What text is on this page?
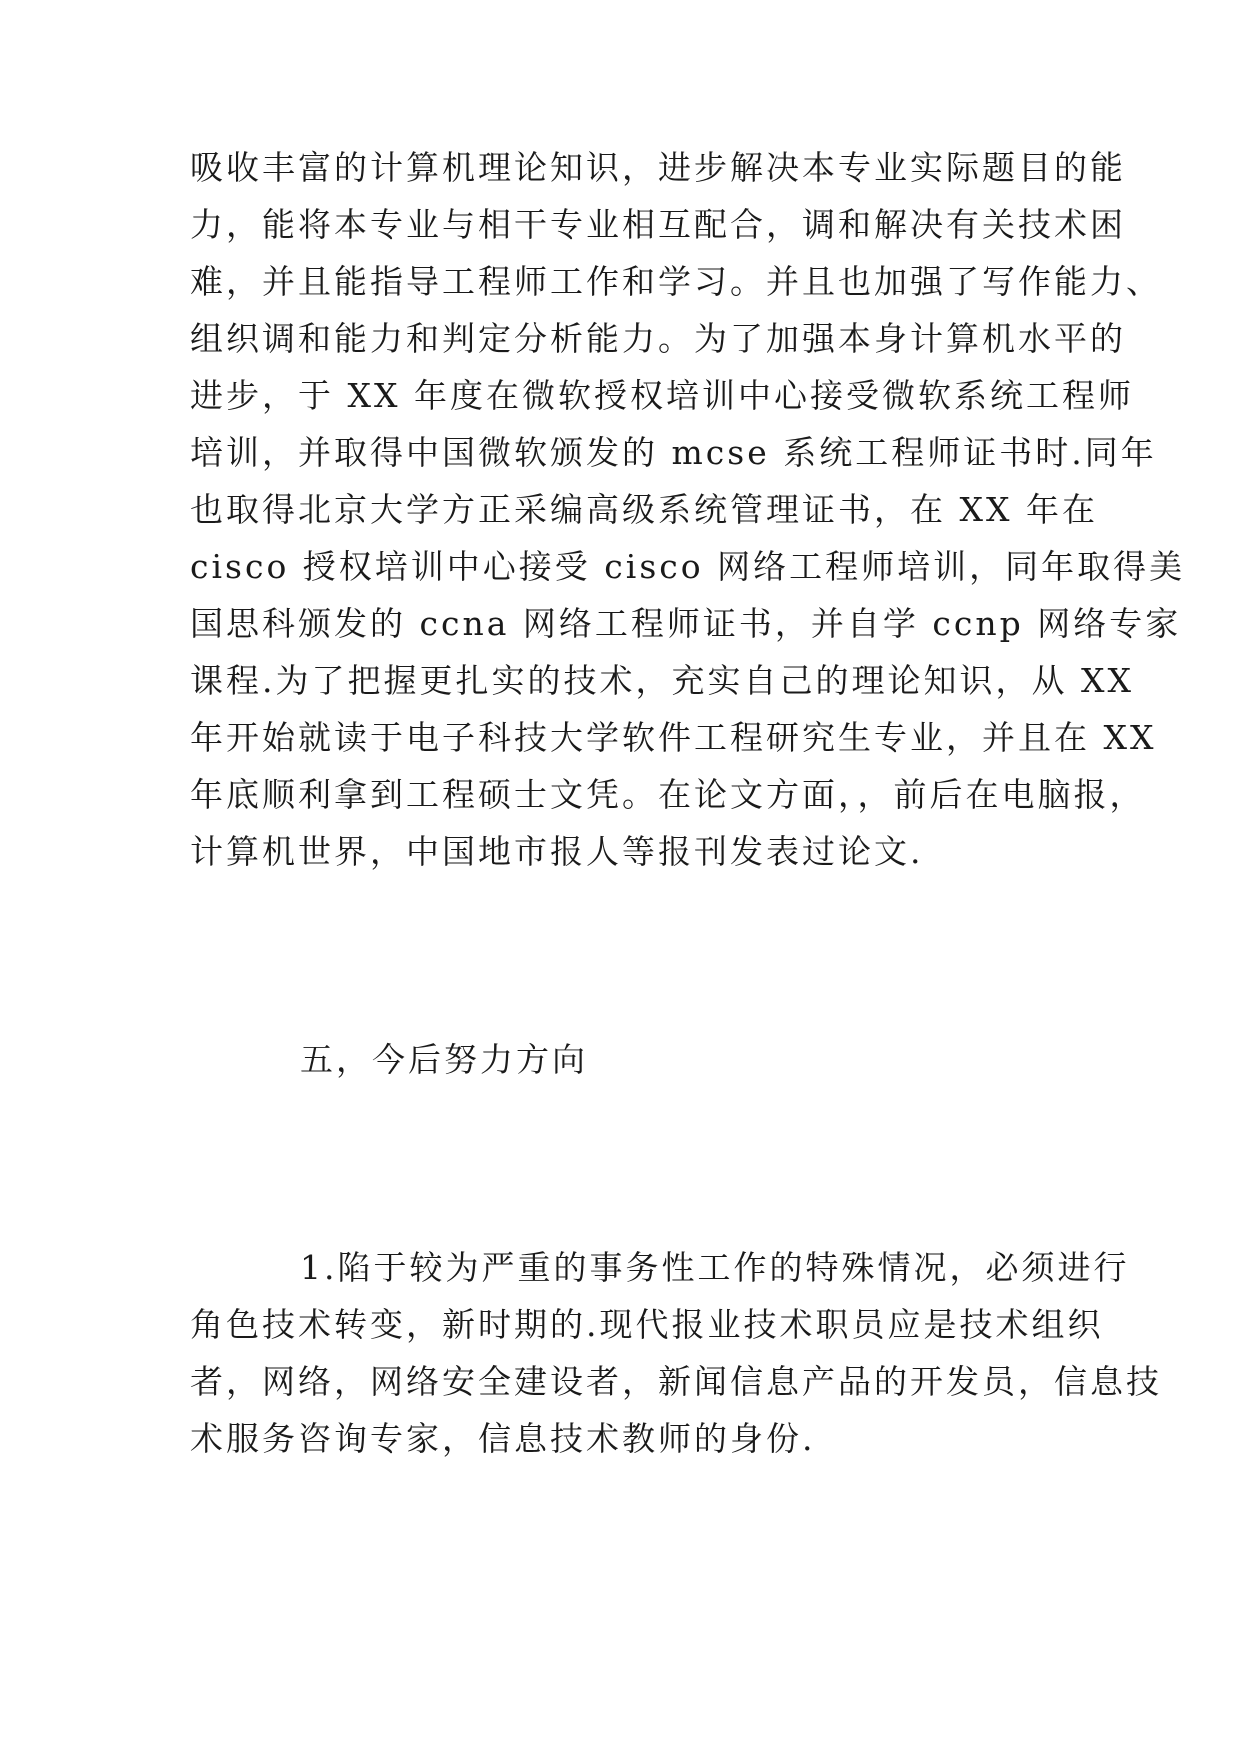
吸收丰富的计算机理论知识，进步解决本专业实际题目的能
力，能将本专业与相干专业相互配合，调和解决有关技术困
难，并且能指导工程师工作和学习。并且也加强了写作能力、
组织调和能力和判定分析能力。为了加强本身计算机水平的
进步，于 XX 年度在微软授权培训中心接受微软系统工程师
培训，并取得中国微软颁发的 mcse 系统工程师证书时.同年
也取得北京大学方正采编高级系统管理证书，在 XX 年在
cisco 授权培训中心接受 cisco 网络工程师培训，同年取得美
国思科颁发的 ccna 网络工程师证书，并自学 ccnp 网络专家
课程.为了把握更扎实的技术，充实自己的理论知识，从 XX
年开始就读于电子科技大学软件工程研究生专业，并且在 XX
年底顺利拿到工程硕士文凭。在论文方面，，前后在电脑报，
计算机世界，中国地市报人等报刊发表过论文.
五，今后努力方向
1.陷于较为严重的事务性工作的特殊情况，必须进行
角色技术转变，新时期的.现代报业技术职员应是技术组织
者，网络，网络安全建设者，新闻信息产品的开发员，信息技
术服务咨询专家，信息技术教师的身份.
